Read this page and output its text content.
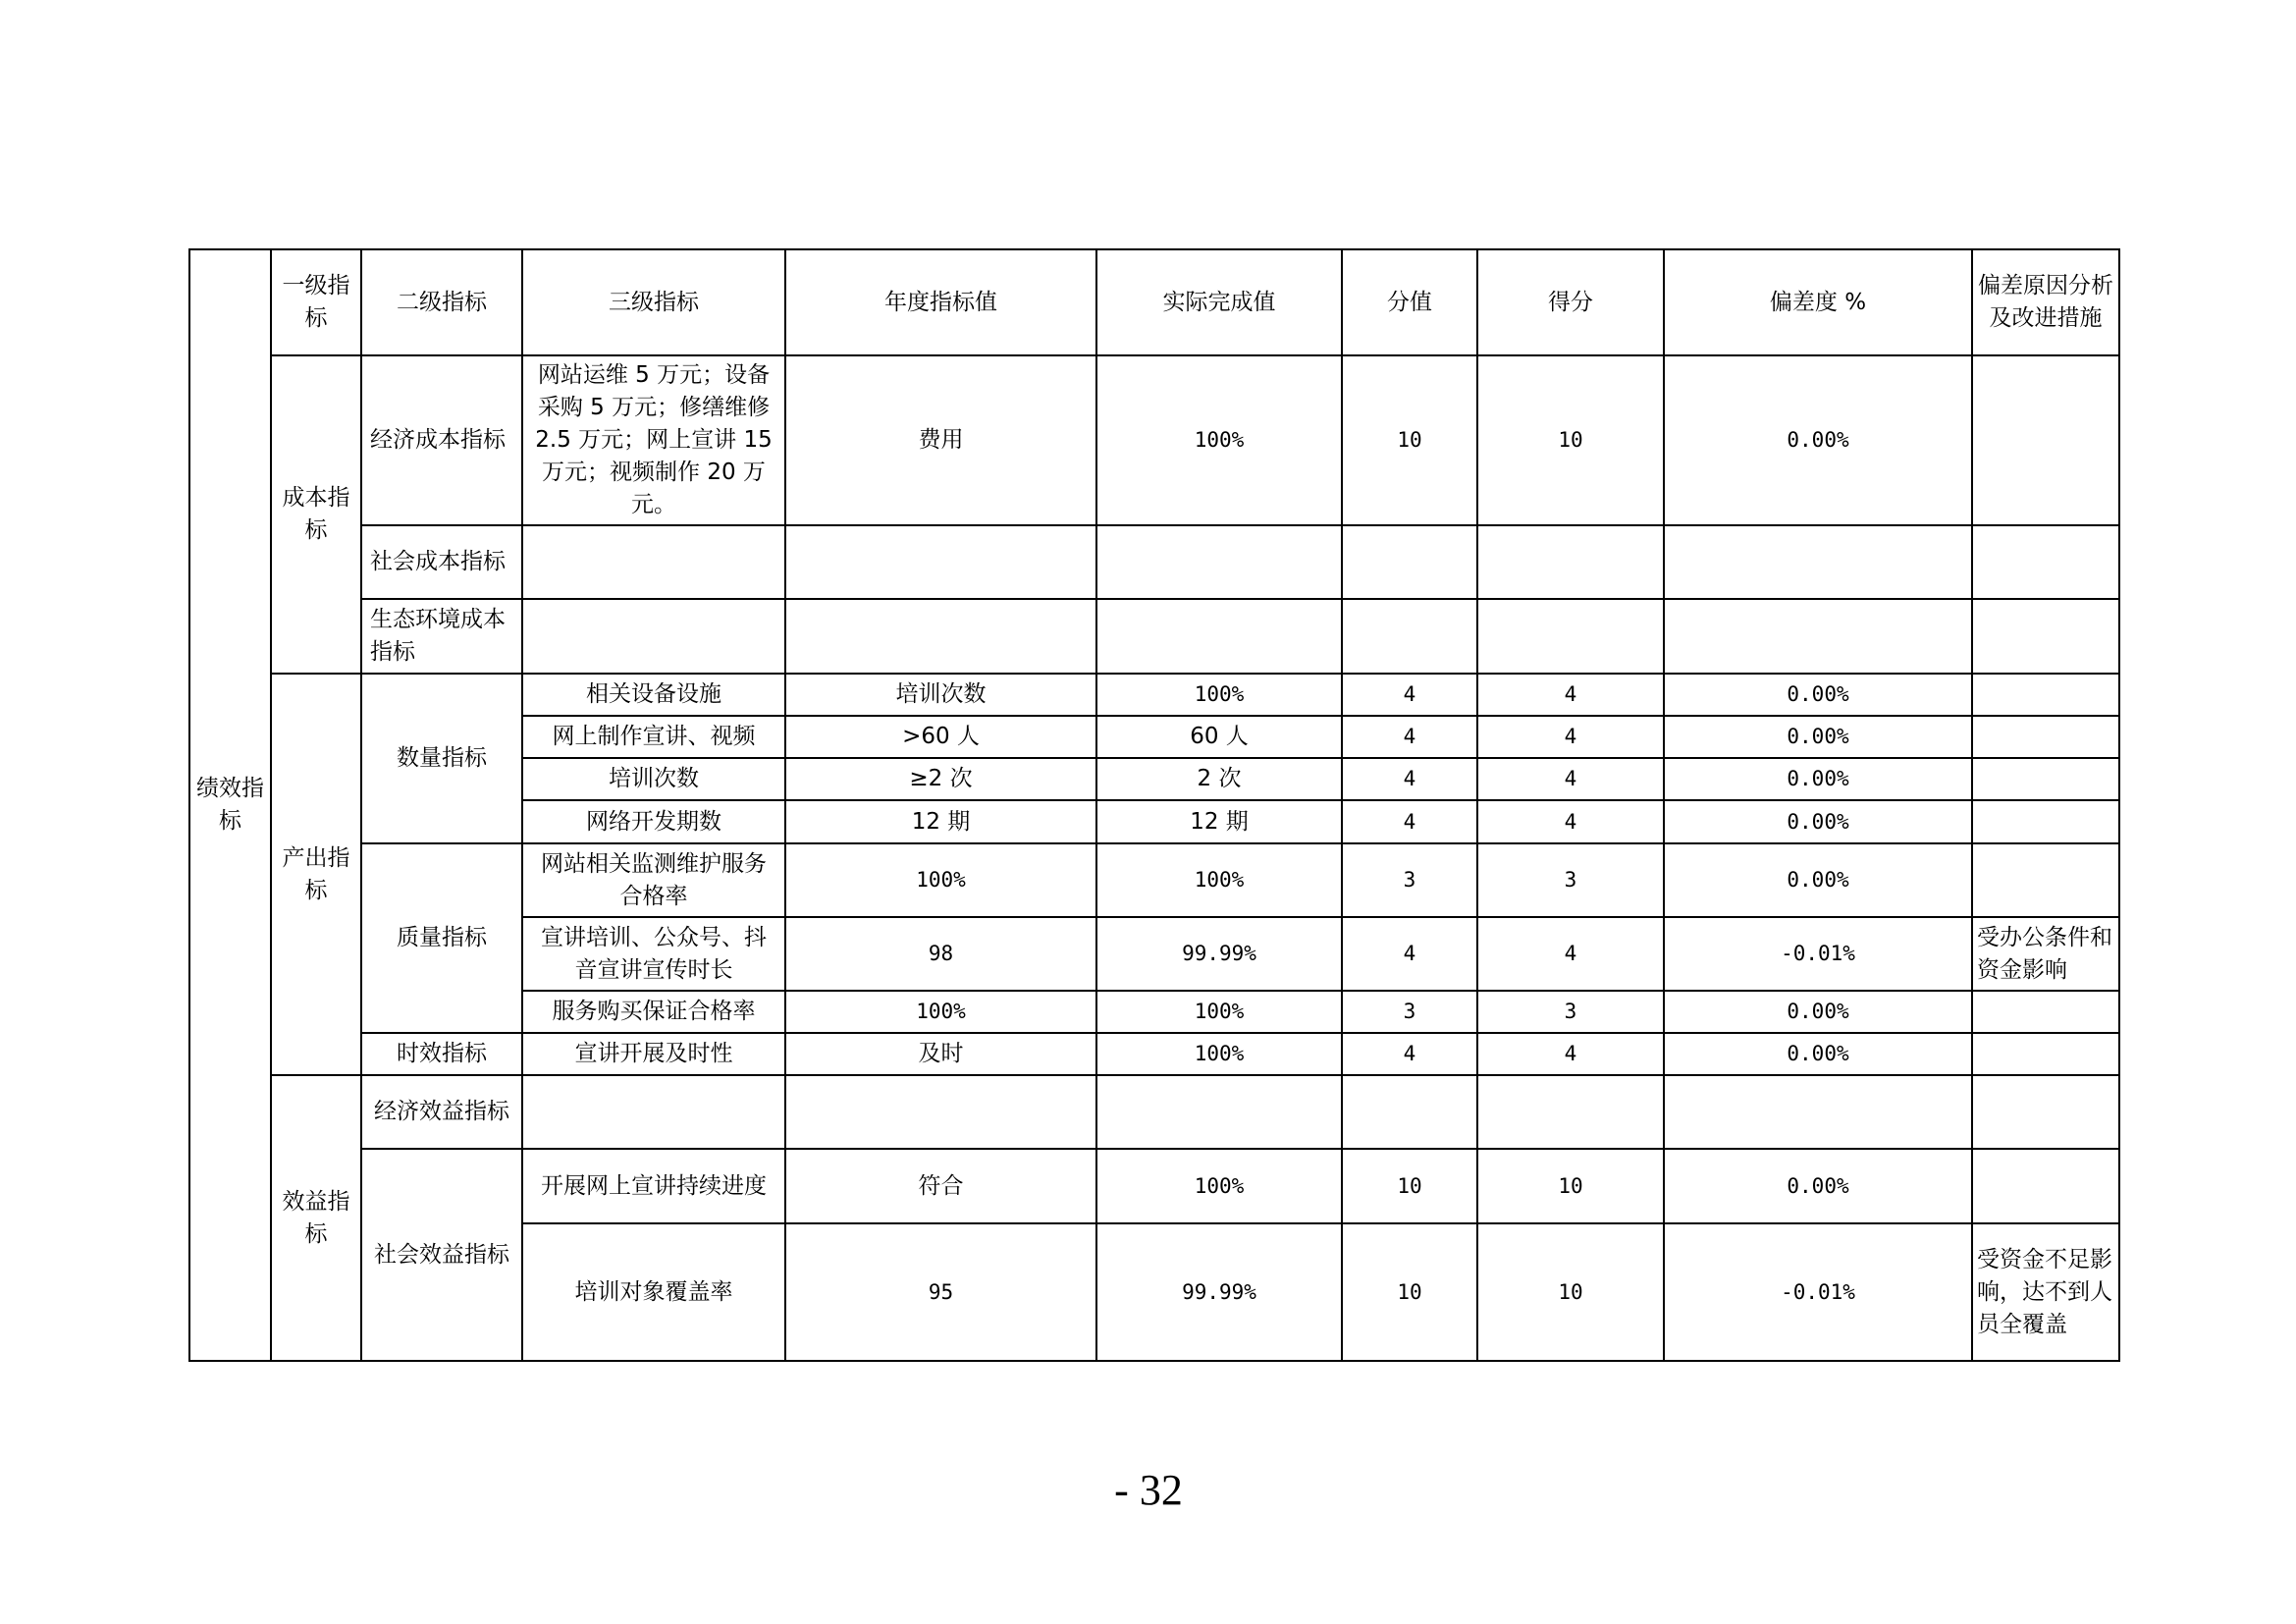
绩效指标	一级指标	二级指标	三级指标	年度指标值	实际完成值	分值	得分	偏差度 %	偏差原因分析及改进措施
	成本指标	经济成本指标	网站运维 5 万元；设备采购 5 万元；修缮维修 2.5 万元；网上宣讲 15 万元；视频制作 20 万元。	费用	100%	10	10	0.00%	
		社会成本指标							
		生态环境成本指标							
	产出指标	数量指标	相关设备设施	培训次数	100%	4	4	0.00%	
			网上制作宣讲、视频	>60 人	60 人	4	4	0.00%	
			培训次数	≥2 次	2 次	4	4	0.00%	
			网络开发期数	12 期	12 期	4	4	0.00%	
		质量指标	网站相关监测维护服务合格率	100%	100%	3	3	0.00%	
			宣讲培训、公众号、抖音宣讲宣传时长	98	99.99%	4	4	-0.01%	受办公条件和资金影响
			服务购买保证合格率	100%	100%	3	3	0.00%	
		时效指标	宣讲开展及时性	及时	100%	4	4	0.00%	
	效益指标	经济效益指标							
		社会效益指标	开展网上宣讲持续进度	符合	100%	10	10	0.00%	
			培训对象覆盖率	95	99.99%	10	10	-0.01%	受资金不足影响，达不到人员全覆盖
- 32
